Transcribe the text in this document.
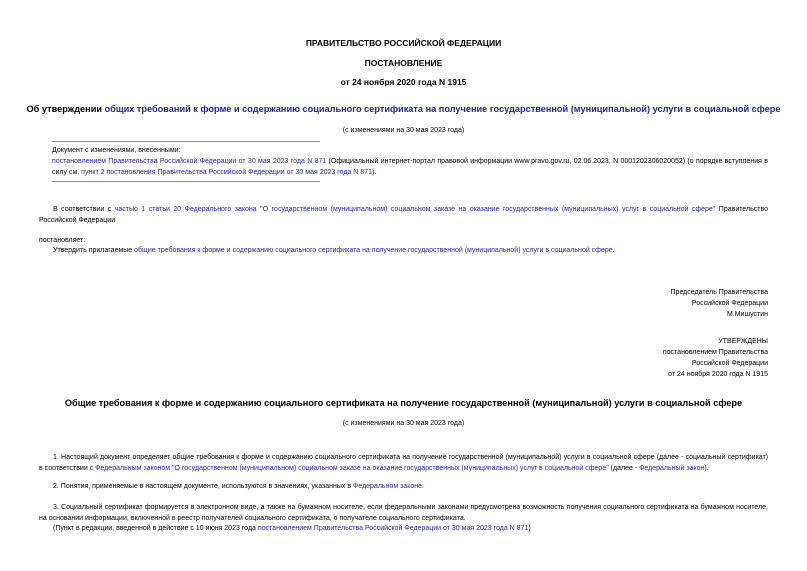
ПРАВИТЕЛЬСТВО РОССИЙСКОЙ ФЕДЕРАЦИИ
ПОСТАНОВЛЕНИЕ
от 24 ноября 2020 года N 1915
Об утверждении общих требований к форме и содержанию социального сертификата на получение государственной (муниципальной) услуги в социальной сфере
(с изменениями на 30 мая 2023 года)

Документ с изменениями, внесенными:

постановлением Правительства Российской Федерации от 30 мая 2023 года N 871 (Официальный интернет-портал правовой информации www.pravo.gov.ru, 02.06.2023, N 0001202306020052) (о порядке вступления в силу см. пункт 2 постановления Правительства Российской Федерации от 30 мая 2023 года N 871).

В соответствии с частью 1 статьи 20 Федерального закона "О государственном (муниципальном) социальном заказе на оказание государственных (муниципальных) услуг в социальной сфере" Правительство Российской Федерации
постановляет:
Утвердить прилагаемые общие требования к форме и содержанию социального сертификата на получение государственной (муниципальной) услуги в социальной сфере.

Председатель Правительства

Российской Федерации

М.Мишустин

УТВЕРЖДЕНЫ

постановлением Правительства

Российской Федерации

от 24 ноября 2020 года N 1915

Общие требования к форме и содержанию социального сертификата на получение государственной (муниципальной) услуги в социальной сфере
(с изменениями на 30 мая 2023 года)
1. Настоящий документ определяет общие требования к форме и содержанию социального сертификата на получение государственной (муниципальной) услуги в социальной сфере (далее - социальный сертификат) в соответствии с Федеральным законом "О государственном (муниципальном) социальном заказе на оказание государственных (муниципальных) услуг в социальной сфере" (далее - Федеральный закон).
2. Понятия, применяемые в настоящем документе, используются в значениях, указанных в Федеральном законе.
3. Социальный сертификат формируется в электронном виде, а также на бумажном носителе, если федеральными законами предусмотрена возможность получения социального сертификата на бумажном носителе, на основании информации, включенной в реестр получателей социального сертификата, о получателе социального сертификата.
(Пункт в редакции, введенной в действие с 10 июня 2023 года постановлением Правительства Российской Федерации от 30 мая 2023 года N 871)
